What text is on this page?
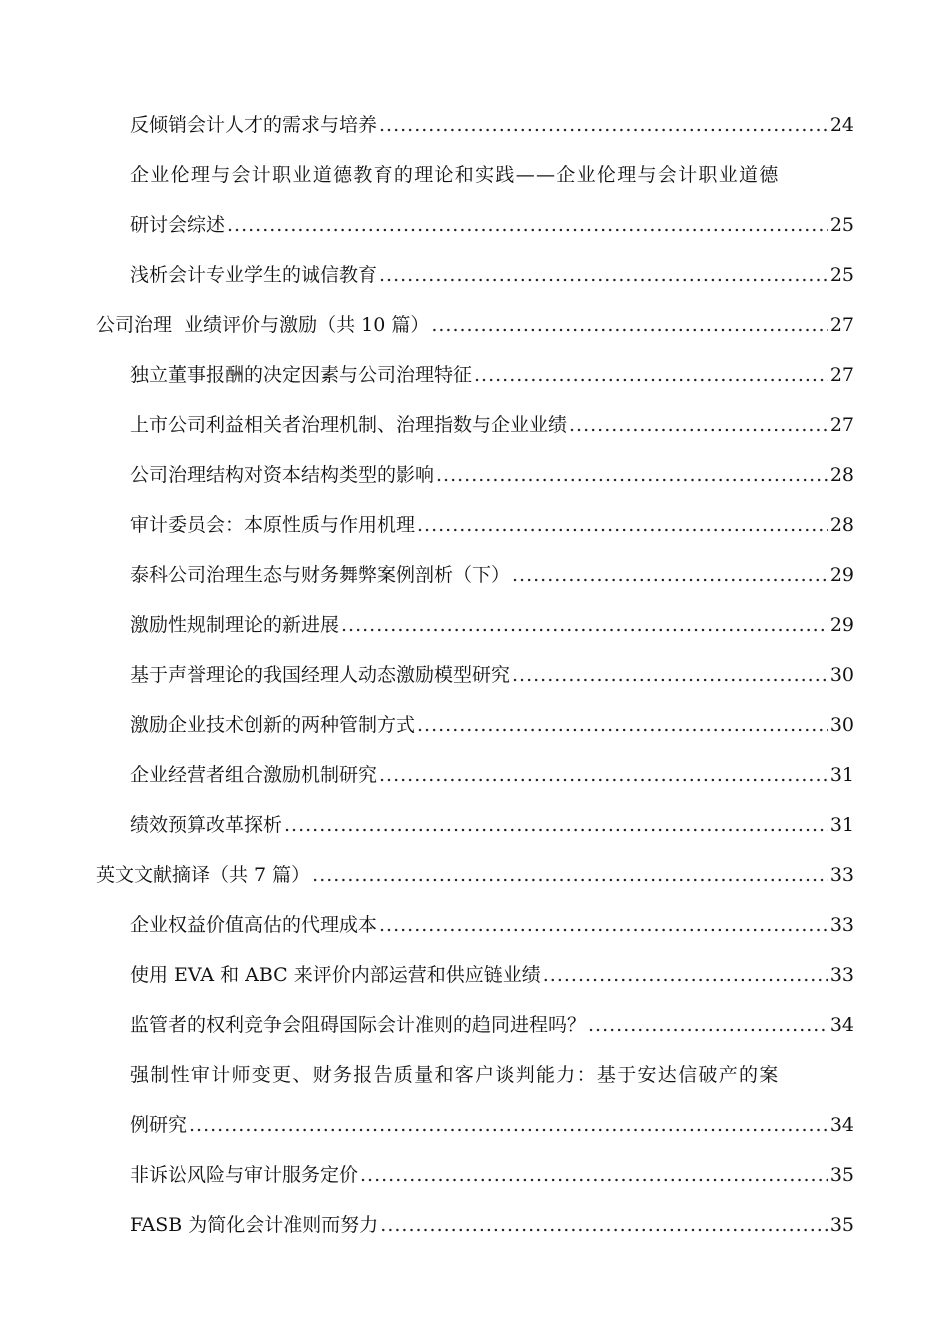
反倾销会计人才的需求与培养 .....	24
企业伦理与会计职业道德教育的理论和实践——企业伦理与会计职业道德
研讨会综述 .....	25
浅析会计专业学生的诚信教育 .....	25
公司治理  业绩评价与激励（共 10 篇） .....	27
独立董事报酬的决定因素与公司治理特征 .....	27
上市公司利益相关者治理机制、治理指数与企业业绩 .....	27
公司治理结构对资本结构类型的影响 .....	28
审计委员会：本原性质与作用机理 .....	28
泰科公司治理生态与财务舞弊案例剖析（下） .....	29
激励性规制理论的新进展 .....	29
基于声誉理论的我国经理人动态激励模型研究 .....	30
激励企业技术创新的两种管制方式 .....	30
企业经营者组合激励机制研究 .....	31
绩效预算改革探析 .....	31
英文文献摘译（共 7 篇） .....	33
企业权益价值高估的代理成本 .....	33
使用 EVA 和 ABC 来评价内部运营和供应链业绩 .....	33
监管者的权利竞争会阻碍国际会计准则的趋同进程吗？ .....	34
强制性审计师变更、财务报告质量和客户谈判能力：基于安达信破产的案
例研究 .....	34
非诉讼风险与审计服务定价 .....	35
FASB 为简化会计准则而努力 .....	35
